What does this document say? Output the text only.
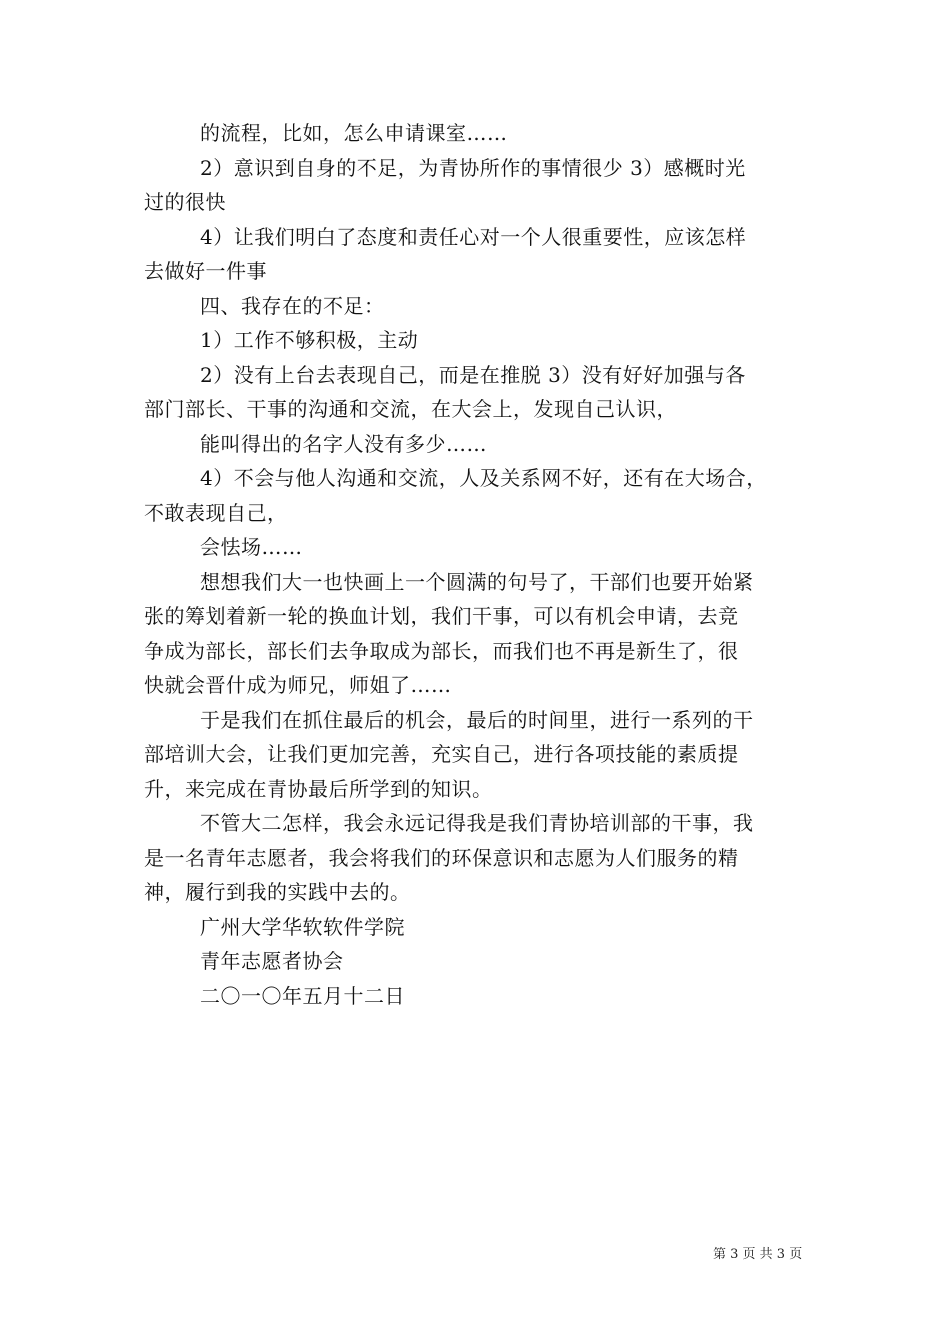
的流程，比如，怎么申请课室……

2）意识到自身的不足，为青协所作的事情很少 3）感概时光

过的很快

4）让我们明白了态度和责任心对一个人很重要性，应该怎样

去做好一件事

四、我存在的不足：

1）工作不够积极，主动

2）没有上台去表现自己，而是在推脱 3）没有好好加强与各

部门部长、干事的沟通和交流，在大会上，发现自己认识，

能叫得出的名字人没有多少……

4）不会与他人沟通和交流，人及关系网不好，还有在大场合，

不敢表现自己，

会怯场……

想想我们大一也快画上一个圆满的句号了，干部们也要开始紧

张的筹划着新一轮的换血计划，我们干事，可以有机会申请，去竞

争成为部长，部长们去争取成为部长，而我们也不再是新生了，很

快就会晋什成为师兄，师姐了……

于是我们在抓住最后的机会，最后的时间里，进行一系列的干

部培训大会，让我们更加完善，充实自己，进行各项技能的素质提

升，来完成在青协最后所学到的知识。

不管大二怎样，我会永远记得我是我们青协培训部的干事，我

是一名青年志愿者，我会将我们的环保意识和志愿为人们服务的精

神，履行到我的实践中去的。

广州大学华软软件学院

青年志愿者协会

二〇一〇年五月十二日

第 3 页 共 3 页
